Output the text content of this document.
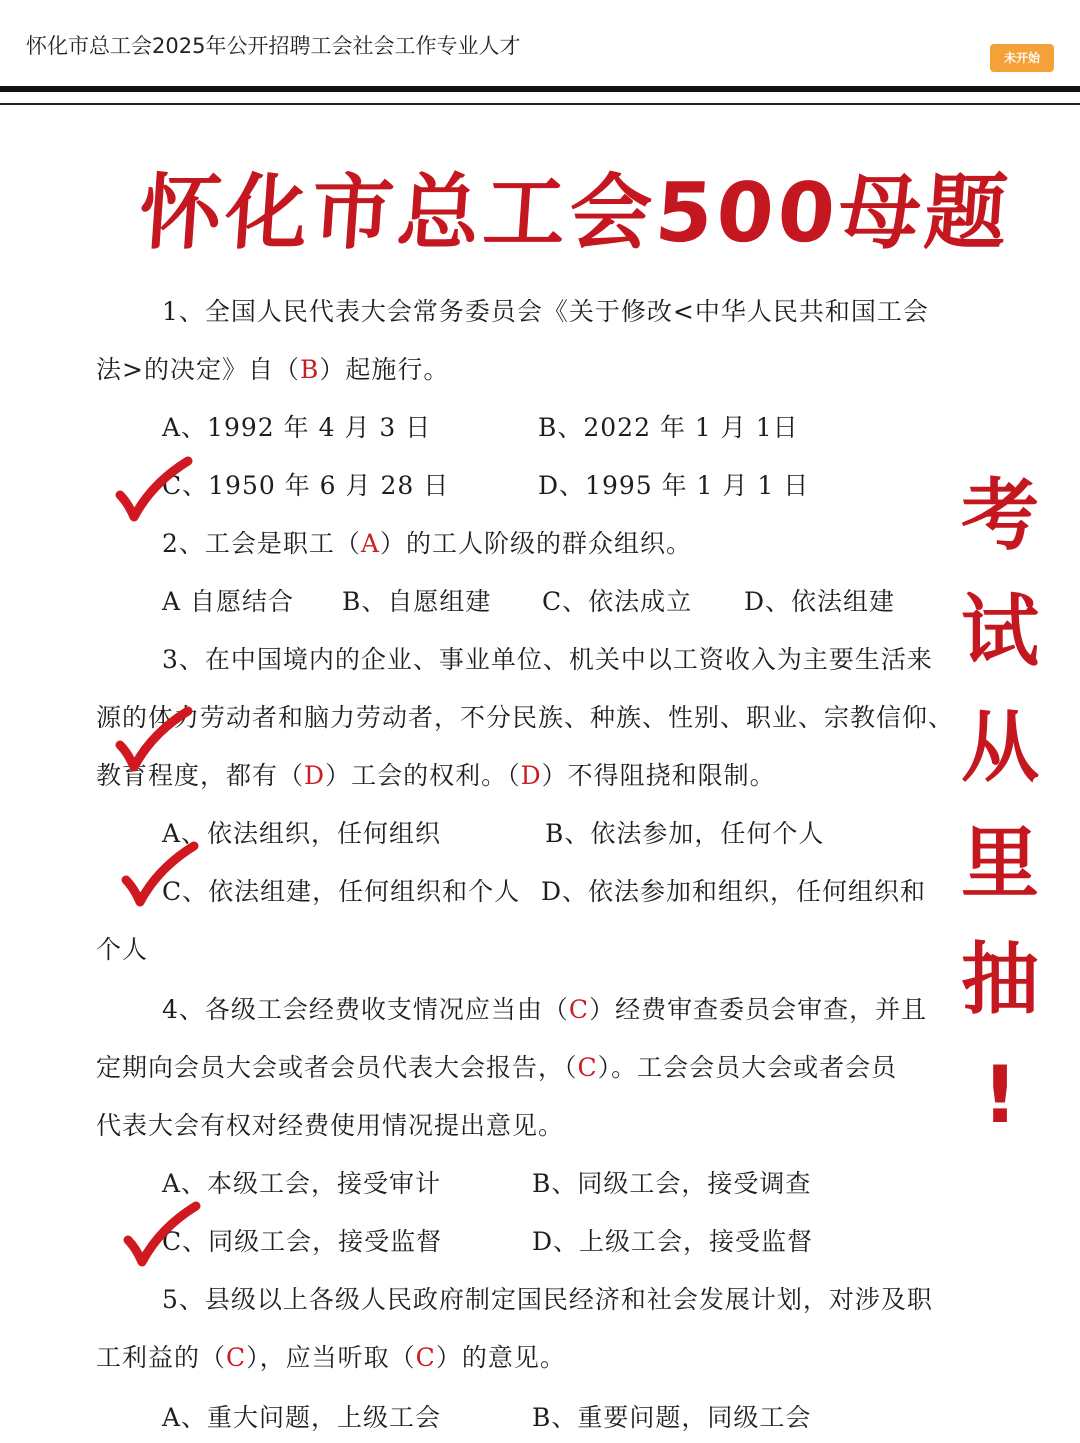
怀化市总工会2025年公开招聘工会社会工作专业人才	未开始
怀化市总工会500母题
1、全国人民代表大会常务委员会《关于修改<中华人民共和国工会
法>的决定》自（B）起施行。
A、1992 年 4 月 3 日	B、2022 年 1 月 1日
C、1950 年 6 月 28 日	D、1995 年 1 月 1 日
2、工会是职工（A）的工人阶级的群众组织。
A 自愿结合 B、自愿组建 C、依法成立 D、依法组建
3、在中国境内的企业、事业单位、机关中以工资收入为主要生活来
源的体力劳动者和脑力劳动者，不分民族、种族、性别、职业、宗教信仰、
教育程度，都有（D）工会的权利。（D）不得阻挠和限制。
A、依法组织，任何组织	B、依法参加，任何个人
C、依法组建，任何组织和个人 D、依法参加和组织，任何组织和
个人
4、各级工会经费收支情况应当由（C）经费审查委员会审查，并且
定期向会员大会或者会员代表大会报告，（C）。工会会员大会或者会员
代表大会有权对经费使用情况提出意见。
A、本级工会，接受审计	B、同级工会，接受调查
C、同级工会，接受监督	D、上级工会，接受监督
5、县级以上各级人民政府制定国民经济和社会发展计划，对涉及职
工利益的（C），应当听取（C）的意见。
A、重大问题，上级工会	B、重要问题，同级工会
考
试
从
里
抽
!
